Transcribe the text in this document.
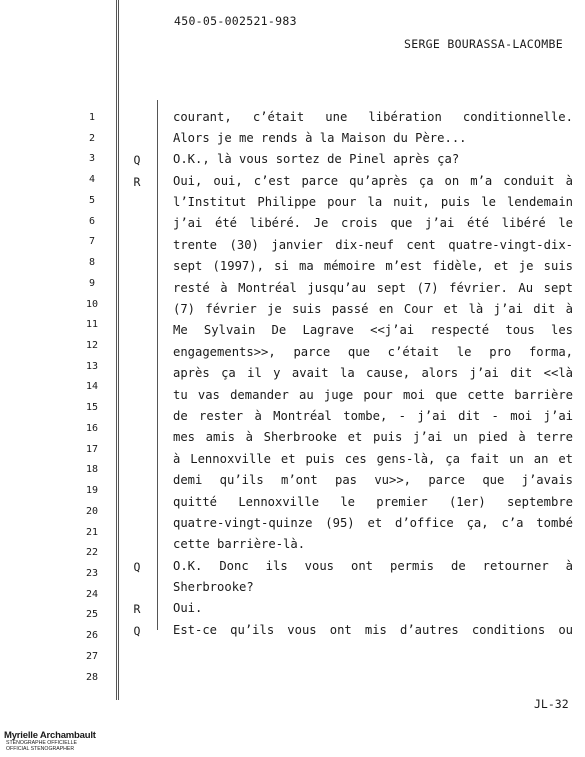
450-05-002521-983
SERGE BOURASSA-LACOMBE
1
2
3
4
5
6
7
8
9
10
11
12
13
14
15
16
17
18
19
20
21
22
23
24
25
26
27
28
courant, c’était une libération conditionnelle.
Alors je me rends à la Maison du Père...
Q	O.K., là vous sortez de Pinel après ça?
R	Oui, oui, c’est parce qu’après ça on m’a conduit à
l’Institut Philippe pour la nuit, puis le lendemain
j’ai été libéré. Je crois que j’ai été libéré le
trente (30) janvier dix-neuf cent quatre-vingt-dix-
sept (1997), si ma mémoire m’est fidèle, et je suis
resté à Montréal jusqu’au sept (7) février. Au sept
(7) février je suis passé en Cour et là j’ai dit à
Me Sylvain De Lagrave <<j’ai respecté tous les
engagements>>, parce que c’était le pro forma,
après ça il y avait la cause, alors j’ai dit <<là
tu vas demander au juge pour moi que cette barrière
de rester à Montréal tombe, - j’ai dit - moi j’ai
mes amis à Sherbrooke et puis j’ai un pied à terre
à Lennoxville et puis ces gens-là, ça fait un an et
demi qu’ils m’ont pas vu>>, parce que j’avais
quitté Lennoxville le premier (1er) septembre
quatre-vingt-quinze (95) et d’office ça, c’a tombé
cette barrière-là.
Q	O.K. Donc ils vous ont permis de retourner à
Sherbrooke?
R	Oui.
Q	Est-ce qu’ils vous ont mis d’autres conditions ou
JL-32
Myrielle Archambault
STÉNOGRAPHE OFFICIELLE
OFFICIAL STENOGRAPHER
